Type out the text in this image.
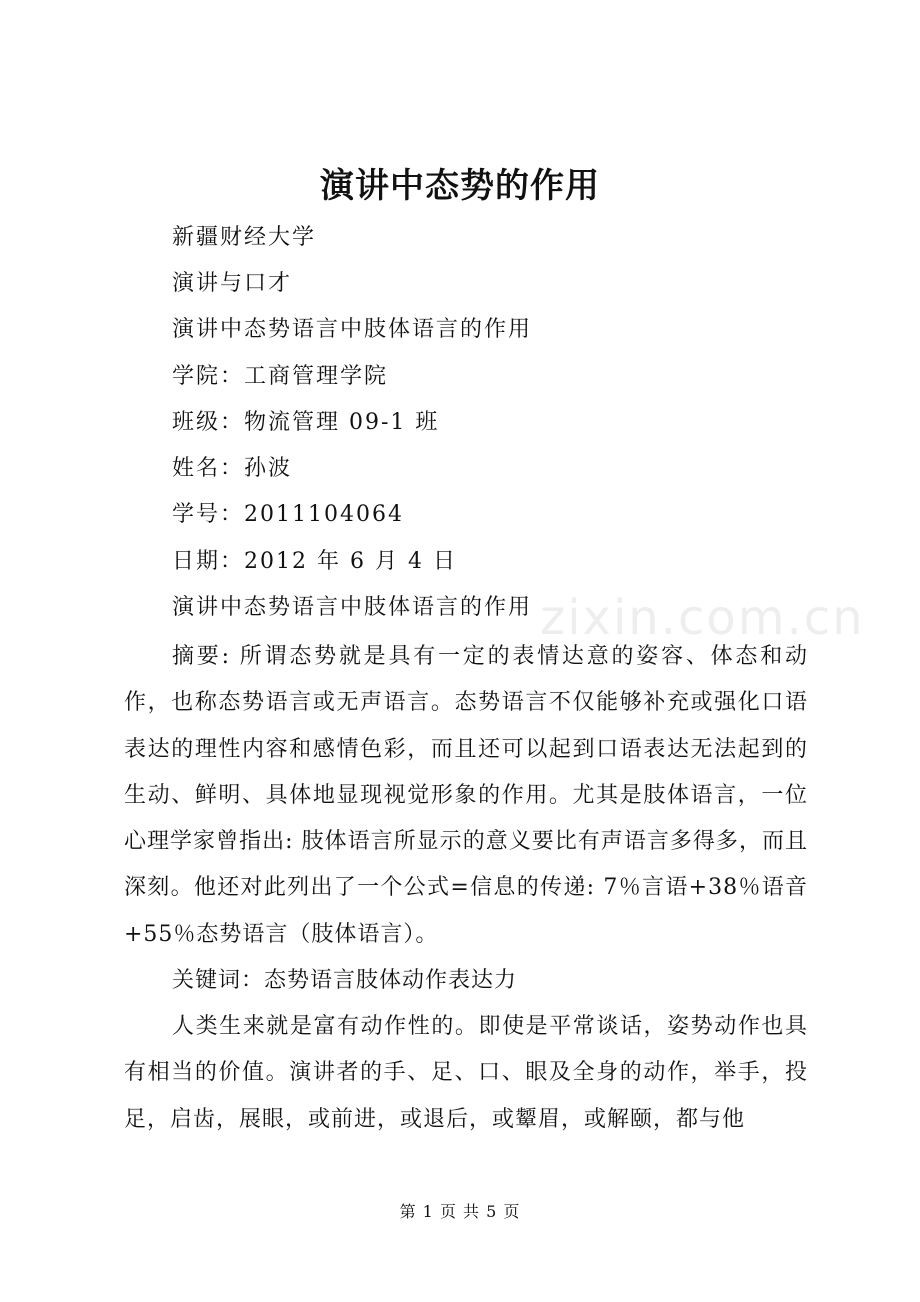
zixin.com.cn
演讲中态势的作用
新疆财经大学
演讲与口才
演讲中态势语言中肢体语言的作用
学院：工商管理学院
班级：物流管理 09-1 班
姓名：孙波
学号：2011104064
日期：2012 年 6 月 4 日
演讲中态势语言中肢体语言的作用
摘要: 所谓态势就是具有一定的表情达意的姿容、体态和动作，也称态势语言或无声语言。态势语言不仅能够补充或强化口语表达的理性内容和感情色彩，而且还可以起到口语表达无法起到的生动、鲜明、具体地显现视觉形象的作用。尤其是肢体语言，一位心理学家曾指出: 肢体语言所显示的意义要比有声语言多得多，而且深刻。他还对此列出了一个公式=信息的传递: 7％言语+38％语音+55％态势语言（肢体语言）。
关键词：态势语言肢体动作表达力
人类生来就是富有动作性的。即使是平常谈话，姿势动作也具有相当的价值。演讲者的手、足、口、眼及全身的动作，举手，投足，启齿，展眼，或前进，或退后，或颦眉，或解颐，都与他
第 1 页 共 5 页
